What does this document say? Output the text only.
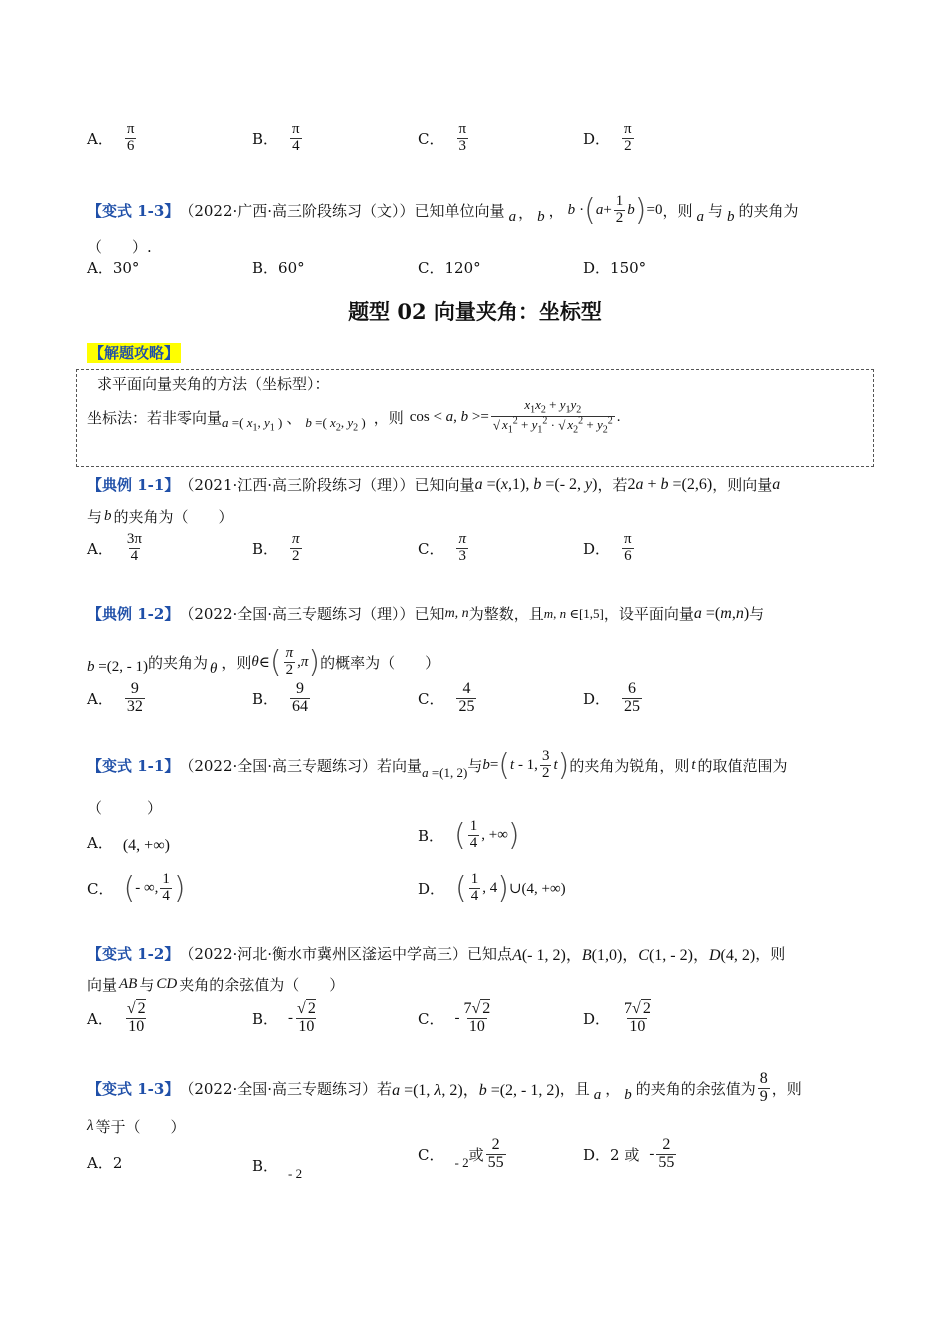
A． $\frac{\pi}{6}$	B． $\frac{\pi}{4}$	C． $\frac{\pi}{3}$	D． $\frac{\pi}{2}$
【变式 1-3】 （2022·广西·高三阶段练习（文）） 已知单位向量 a ， b ， b · ( $a + \frac{1}{2}$ b ) =0 ，则 a 与 b 的夹角为
（　　）.
A．30°	B．60°	C．120°	D．150°
题型 02 向量夹角：坐标型
【解题攻略】
求平面向量夹角的方法（坐标型）：
坐标法：若非零向量 a =( $x_1$, $y_1$ ) 、 b =( $x_2$, $y_2$ ) ，则 cos < a, $b >= \frac{x_1x_2 + y_1y_2}{√ x_1^2 + y_1^2 \cdot √ x_2^2 + y_2^2}$ .
【典例 1-1】 （2021·江西·高三阶段练习（理）） 已知向量 a =(x,1), b =(- 2, y) ，若 2a + b =(2,6) ，则向量 a
与 b 的夹角为（　　）
A． $\frac{3\pi}{4}$	B． $\frac{\pi}{2}$	C． $\frac{\pi}{3}$	D． $\frac{\pi}{6}$
【典例 1-2】 （2022·全国·高三专题练习（理）） 已知 m, n 为整数，且 m, n ∈[1,5] ，设平面向量 a =(m,n) 与
b =(2, - 1) 的夹角为 θ ，则 θ ∈ ( $\frac{\pi}{2} ,\pi$ ) 的概率为（　　）
A． $\frac{9}{32}$	B． $\frac{9}{64}$	C． $\frac{4}{25}$	D． $\frac{6}{25}$
【变式 1-1】 （2022·全国·高三专题练习） 若向量 a =(1, 2) 与 b = ( t - 1, $\frac{3}{2}$ t ) 的夹角为锐角，则 t 的取值范围为
（　　　）
A． (4, +∞)
B． ( $\frac{1}{4}$ , +∞ )
C． ( - ∞, $\frac{1}{4}$ )	D． ( $\frac{1}{4}$ , 4 ) ∪(4, +∞)
【变式 1-2】 （2022·河北·衡水市冀州区滏运中学高三） 已知点 A(- 1, 2)，B(1,0)，C(1, - 2)，D(4, 2) ，则
向量 AB 与 CD 夹角的余弦值为（　　）
A． $\frac{√ 2}{10}$	B． - $\frac{√ 2}{10}$	C． - $\frac{7√ 2}{10}$	D． $\frac{7√ 2}{10}$
【变式 1-3】 （2022·全国·高三专题练习） 若 a =(1, λ, 2)，b =(2, - 1, 2) ，且 a ， b 的夹角的余弦值为 $\frac{8}{9}$ ，则
λ 等于（　　）
A．2	B． - 2
C． - 2 或 $\frac{2}{55}$	D．2 或 - $\frac{2}{55}$
